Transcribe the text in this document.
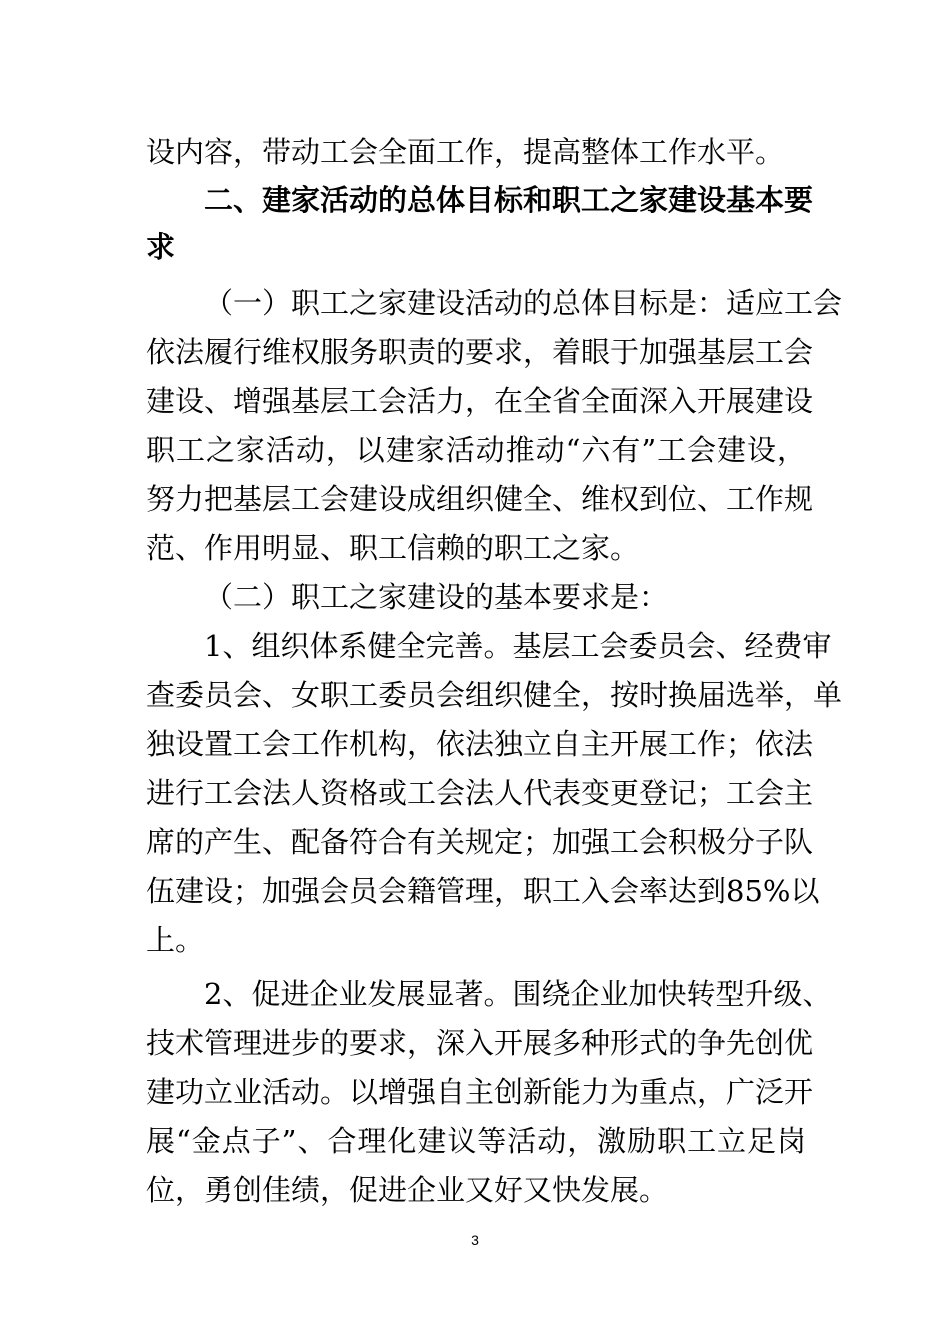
设内容，带动工会全面工作，提高整体工作水平。
二、建家活动的总体目标和职工之家建设基本要
求
（一）职工之家建设活动的总体目标是：适应工会
依法履行维权服务职责的要求，着眼于加强基层工会
建设、增强基层工会活力，在全省全面深入开展建设
职工之家活动，以建家活动推动“六有”工会建设，
努力把基层工会建设成组织健全、维权到位、工作规
范、作用明显、职工信赖的职工之家。
（二）职工之家建设的基本要求是：
1、组织体系健全完善。基层工会委员会、经费审
查委员会、女职工委员会组织健全，按时换届选举，单
独设置工会工作机构，依法独立自主开展工作；依法
进行工会法人资格或工会法人代表变更登记；工会主
席的产生、配备符合有关规定；加强工会积极分子队
伍建设；加强会员会籍管理，职工入会率达到85%以
上。
2、促进企业发展显著。围绕企业加快转型升级、
技术管理进步的要求，深入开展多种形式的争先创优
建功立业活动。以增强自主创新能力为重点，广泛开
展“金点子”、合理化建议等活动，激励职工立足岗
位，勇创佳绩，促进企业又好又快发展。
3
